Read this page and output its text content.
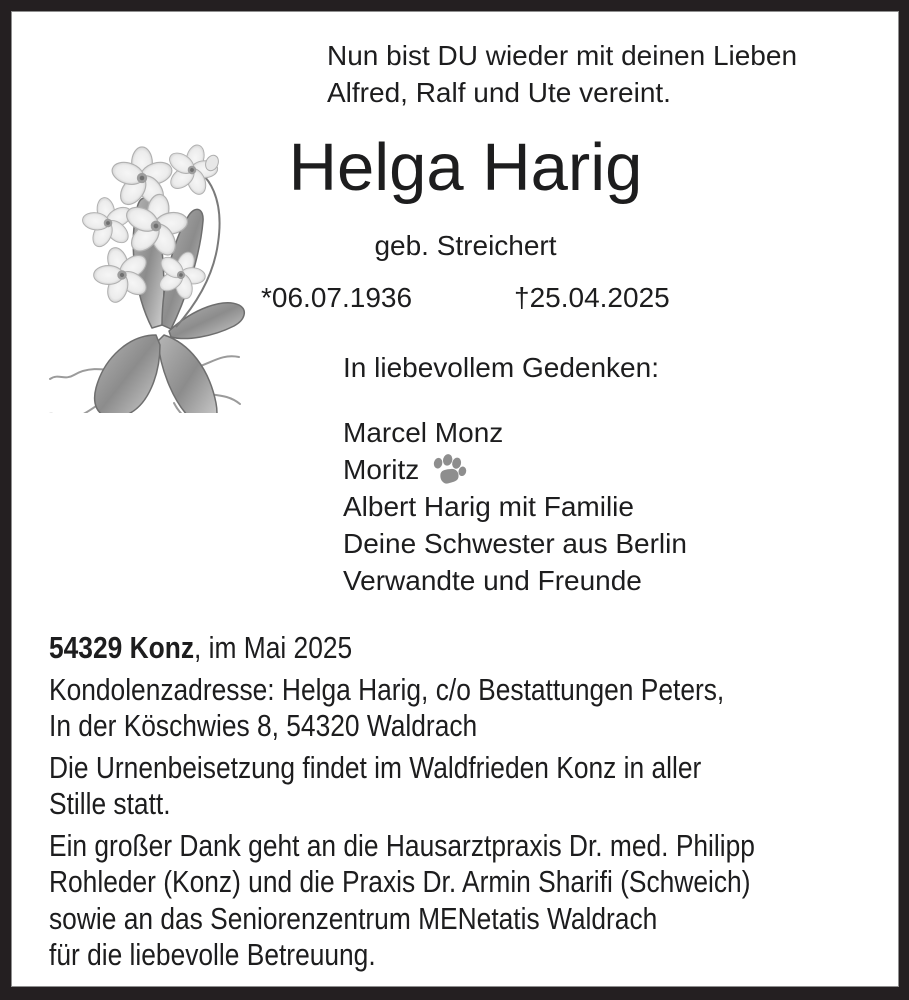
Nun bist DU wieder mit deinen Lieben
Alfred, Ralf und Ute vereint.
Helga Harig
geb. Streichert
*06.07.1936	†25.04.2025
In liebevollem Gedenken:
Marcel Monz
Moritz
Albert Harig mit Familie
Deine Schwester aus Berlin
Verwandte und Freunde
54329 Konz, im Mai 2025
Kondolenzadresse: Helga Harig, c/o Bestattungen Peters,
In der Köschwies 8, 54320 Waldrach
Die Urnenbeisetzung findet im Waldfrieden Konz in aller
Stille statt.
Ein großer Dank geht an die Hausarztpraxis Dr. med. Philipp
Rohleder (Konz) und die Praxis Dr. Armin Sharifi (Schweich)
sowie an das Seniorenzentrum MENetatis Waldrach
für die liebevolle Betreuung.
